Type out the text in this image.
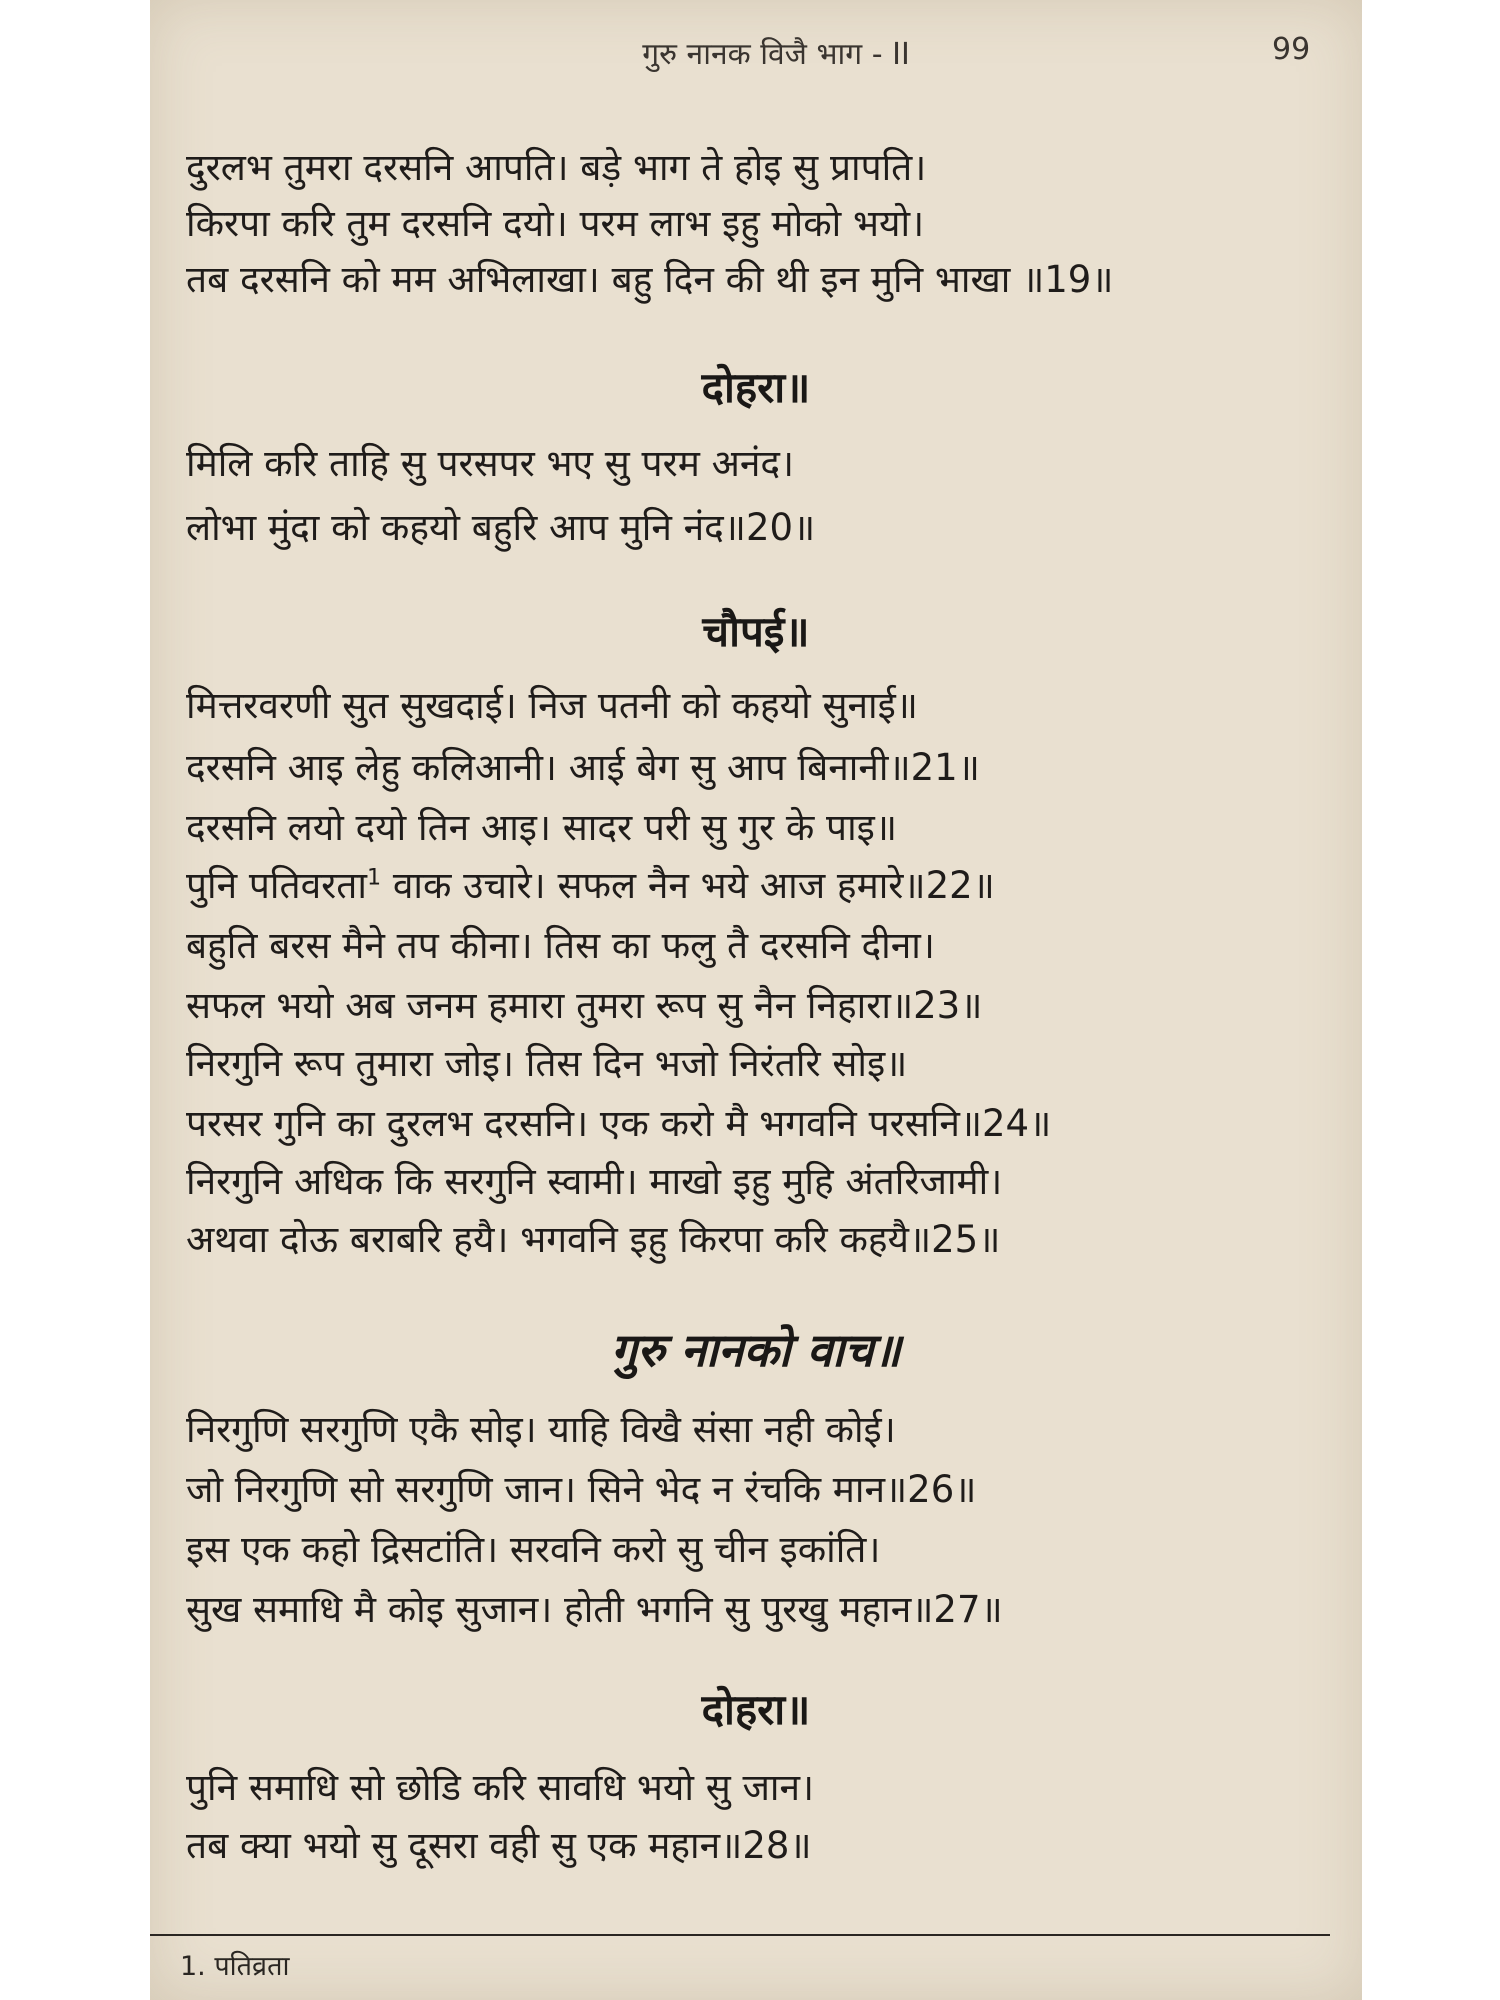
गुरु नानक विजै भाग - II	99
दुरलभ तुमरा दरसनि आपति। बड़े भाग ते होइ सु प्रापति।
किरपा करि तुम दरसनि दयो। परम लाभ इहु मोको भयो।
तब दरसनि को मम अभिलाखा। बहु दिन की थी इन मुनि भाखा ॥19॥
दोहरा॥
मिलि करि ताहि सु परसपर भए सु परम अनंद।
लोभा मुंदा को कहयो बहुरि आप मुनि नंद॥20॥
चौपई॥
मित्तरवरणी सुत सुखदाई। निज पतनी को कहयो सुनाई॥
दरसनि आइ लेहु कलिआनी। आई बेग सु आप बिनानी॥21॥
दरसनि लयो दयो तिन आइ। सादर परी सु गुर के पाइ॥
पुनि पतिवरता$^1$ वाक उचारे। सफल नैन भये आज हमारे॥22॥
बहुति बरस मैने तप कीना। तिस का फलु तै दरसनि दीना।
सफल भयो अब जनम हमारा तुमरा रूप सु नैन निहारा॥23॥
निरगुनि रूप तुमारा जोइ। तिस दिन भजो निरंतरि सोइ॥
परसर गुनि का दुरलभ दरसनि। एक करो मै भगवनि परसनि॥24॥
निरगुनि अधिक कि सरगुनि स्वामी। माखो इहु मुहि अंतरिजामी।
अथवा दोऊ बराबरि हयै। भगवनि इहु किरपा करि कहयै॥25॥
गुरु नानको वाच॥
निरगुणि सरगुणि एकै सोइ। याहि विखै संसा नही कोई।
जो निरगुणि सो सरगुणि जान। सिने भेद न रंचकि मान॥26॥
इस एक कहो द्रिसटांति। सरवनि करो सु चीन इकांति।
सुख समाधि मै कोइ सुजान। होती भगनि सु पुरखु महान॥27॥
दोहरा॥
पुनि समाधि सो छोडि करि सावधि भयो सु जान।
तब क्या भयो सु दूसरा वही सु एक महान॥28॥
1. पतिव्रता
